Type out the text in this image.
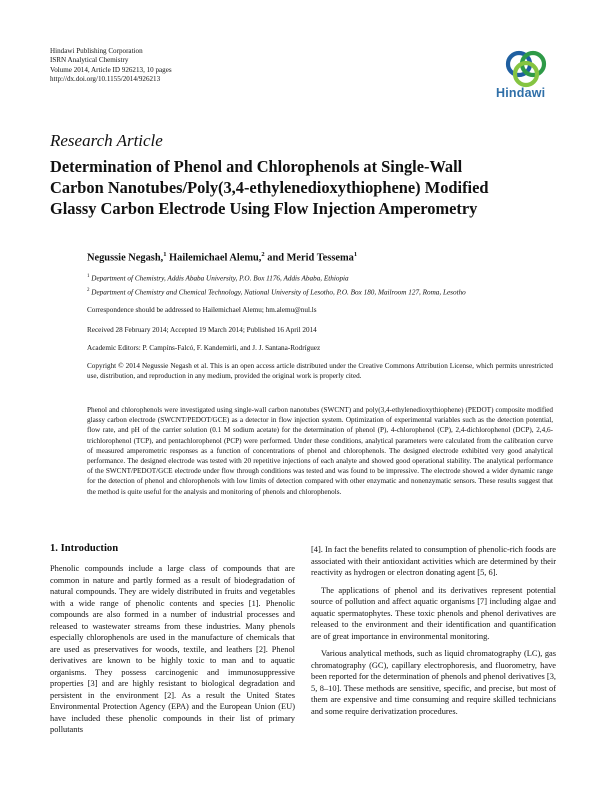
Hindawi Publishing Corporation
ISRN Analytical Chemistry
Volume 2014, Article ID 926213, 10 pages
http://dx.doi.org/10.1155/2014/926213
Hindawi
Research Article
Determination of Phenol and Chlorophenols at Single-Wall
Carbon Nanotubes/Poly(3,4-ethylenedioxythiophene) Modified
Glassy Carbon Electrode Using Flow Injection Amperometry
Negussie Negash,$^1$ Hailemichael Alemu,$^2$ and Merid Tessema$^1$
$^1$ Department of Chemistry, Addis Ababa University, P.O. Box 1176, Addis Ababa, Ethiopia
$^2$ Department of Chemistry and Chemical Technology, National University of Lesotho, P.O. Box 180, Mailroom 127, Roma, Lesotho
Correspondence should be addressed to Hailemichael Alemu; hm.alemu@nul.ls
Received 28 February 2014; Accepted 19 March 2014; Published 16 April 2014
Academic Editors: P. Campíns-Falcó, F. Kandemirli, and J. J. Santana-Rodríguez
Copyright © 2014 Negussie Negash et al. This is an open access article distributed under the Creative Commons Attribution License, which permits unrestricted use, distribution, and reproduction in any medium, provided the original work is properly cited.
Phenol and chlorophenols were investigated using single-wall carbon nanotubes (SWCNT) and poly(3,4-ethylenedioxythiophene) (PEDOT) composite modified glassy carbon electrode (SWCNT/PEDOT/GCE) as a detector in flow injection system. Optimization of experimental variables such as the detection potential, flow rate, and pH of the carrier solution (0.1 M sodium acetate) for the determination of phenol (P), 4-chlorophenol (CP), 2,4-dichlorophenol (DCP), 2,4,6-trichlorophenol (TCP), and pentachlorophenol (PCP) were performed. Under these conditions, analytical parameters were calculated from the calibration curve of measured amperometric responses as a function of concentrations of phenol and chlorophenols. The designed electrode exhibited very good analytical performance. The designed electrode was tested with 20 repetitive injections of each analyte and showed good operational stability. The analytical performance of the SWCNT/PEDOT/GCE electrode under flow through conditions was tested and was found to be impressive. The electrode showed a wider dynamic range for the detection of phenol and chlorophenols with low limits of detection compared with other enzymatic and nonenzymatic sensors. These results suggest that the method is quite useful for the analysis and monitoring of phenols and chlorophenols.
1. Introduction

Phenolic compounds include a large class of compounds that are common in nature and partly formed as a result of biodegradation of natural compounds. They are widely distributed in fruits and vegetables with a wide range of phenolic contents and species [1]. Phenolic compounds are also formed in a number of industrial processes and released to wastewater streams from these industries. Many phenols especially chlorophenols are used in the manufacture of chemicals that are used as preservatives for woods, textile, and leathers [2]. Phenol derivatives are known to be highly toxic to man and to aquatic organisms. They possess carcinogenic and immunosuppressive properties [3] and are highly resistant to biological degradation and persistent in the environment [2]. As a result the United States Environmental Protection Agency (EPA) and the European Union (EU) have included these phenolic compounds in their list of primary pollutants

[4]. In fact the benefits related to consumption of phenolic-rich foods are associated with their antioxidant activities which are determined by their reactivity as hydrogen or electron donating agent [5, 6].

The applications of phenol and its derivatives represent potential source of pollution and affect aquatic organisms [7] including algae and aquatic spermatophytes. These toxic phenols and phenol derivatives are released to the environment and their identification and quantification are of great importance in environmental monitoring.

Various analytical methods, such as liquid chromatography (LC), gas chromatography (GC), capillary electrophoresis, and fluorometry, have been reported for the determination of phenols and phenol derivatives [3, 5, 8–10]. These methods are sensitive, specific, and precise, but most of them are expensive and time consuming and require skilled technicians and some require derivatization procedures.
